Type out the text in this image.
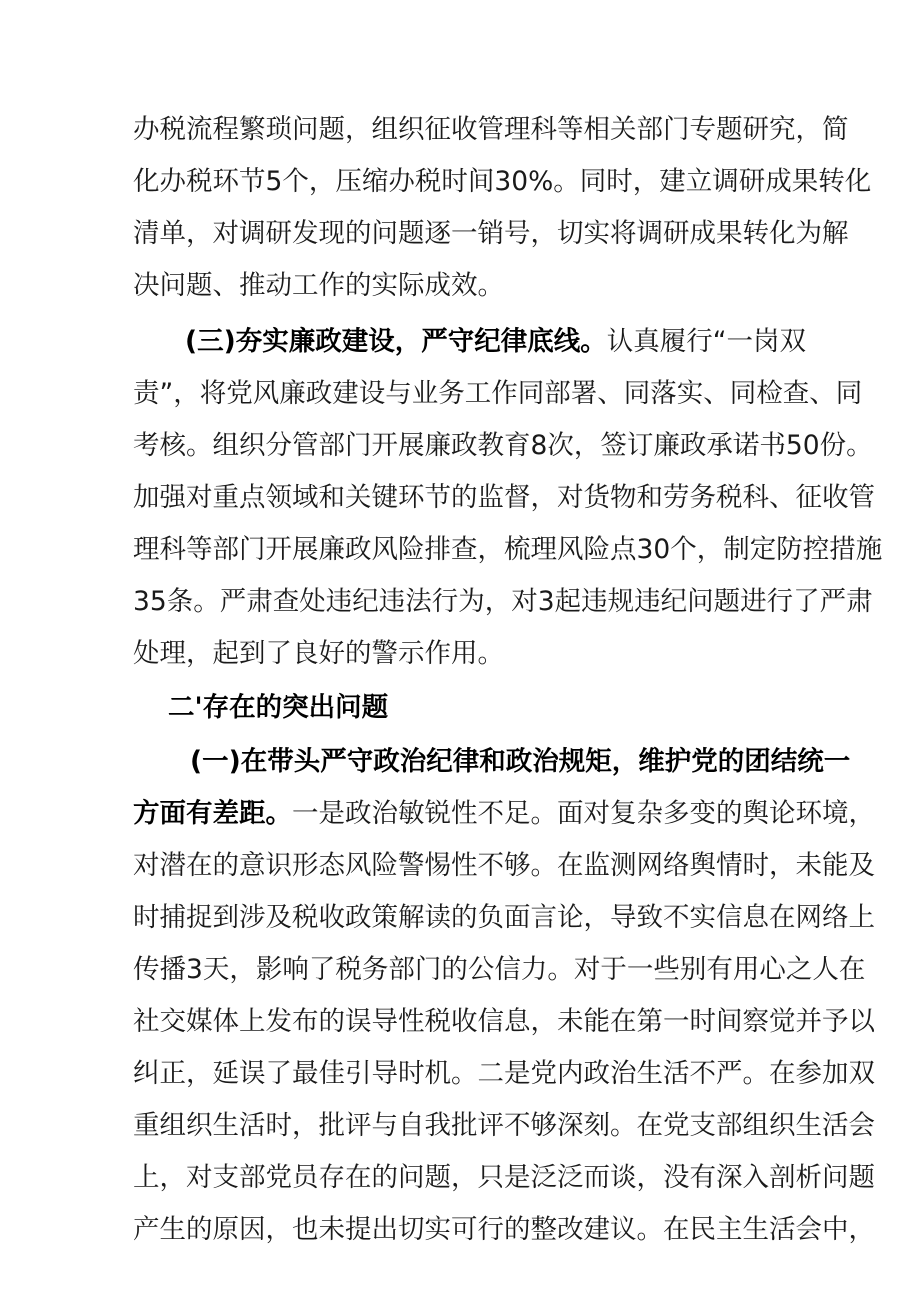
办税流程繁琐问题，组织征收管理科等相关部门专题研究，简
化办税环节5个，压缩办税时间30%。同时，建立调研成果转化
清单，对调研发现的问题逐一销号，切实将调研成果转化为解
决问题、推动工作的实际成效。
(三)夯实廉政建设，严守纪律底线。认真履行“一岗双
责”，将党风廉政建设与业务工作同部署、同落实、同检查、同
考核。组织分管部门开展廉政教育8次，签订廉政承诺书50份。
加强对重点领域和关键环节的监督，对货物和劳务税科、征收管
理科等部门开展廉政风险排查，梳理风险点30个，制定防控措施
35条。严肃查处违纪违法行为，对3起违规违纪问题进行了严肃
处理，起到了良好的警示作用。
二'存在的突出问题
(一)在带头严守政治纪律和政治规矩，维护党的团结统一
方面有差距。一是政治敏锐性不足。面对复杂多变的舆论环境，
对潜在的意识形态风险警惕性不够。在监测网络舆情时，未能及
时捕捉到涉及税收政策解读的负面言论，导致不实信息在网络上
传播3天，影响了税务部门的公信力。对于一些别有用心之人在
社交媒体上发布的误导性税收信息，未能在第一时间察觉并予以
纠正，延误了最佳引导时机。二是党内政治生活不严。在参加双
重组织生活时，批评与自我批评不够深刻。在党支部组织生活会
上，对支部党员存在的问题，只是泛泛而谈，没有深入剖析问题
产生的原因，也未提出切实可行的整改建议。在民主生活会中，
